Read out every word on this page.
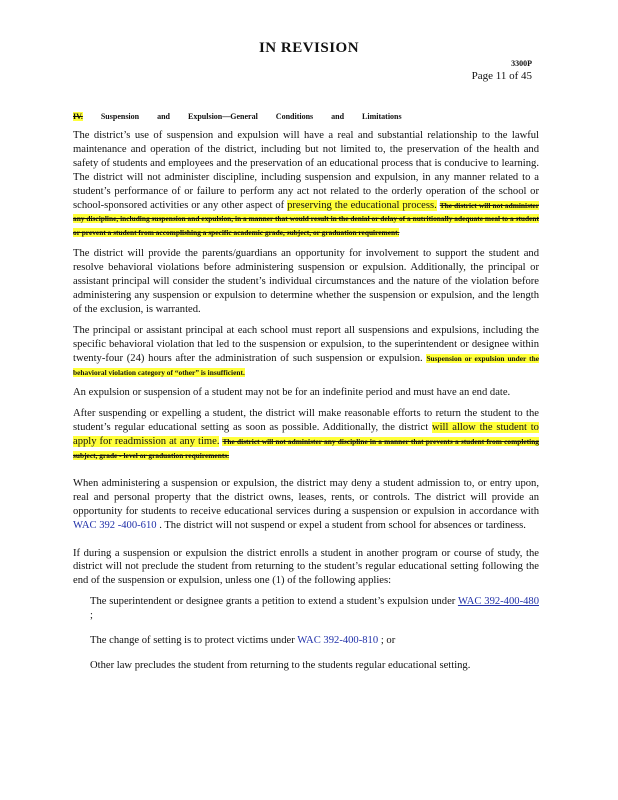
IN REVISION
3300P
Page 11 of 45
IV. Suspension and Expulsion—General Conditions and Limitations

The district’s use of suspension and expulsion will have a real and substantial relationship to the lawful maintenance and operation of the district, including but not limited to, the preservation of the health and safety of students and employees and the preservation of an educational process that is conducive to learning. The district will not administer discipline, including suspension and expulsion, in any manner related to a student’s performance of or failure to perform any act not related to the orderly operation of the school or school-sponsored activities or any other aspect of preserving the educational process. The district will not administer any discipline, including suspension and expulsion, in a manner that would result in the denial or delay of a nutritionally adequate meal to a student or prevent a student from accomplishing a specific academic grade, subject, or graduation requirement.

The district will provide the parents/guardians an opportunity for involvement to support the student and resolve behavioral violations before administering suspension or expulsion. Additionally, the principal or assistant principal will consider the student’s individual circumstances and the nature of the violation before administering any suspension or expulsion to determine whether the suspension or expulsion, and the length of the exclusion, is warranted.

The principal or assistant principal at each school must report all suspensions and expulsions, including the specific behavioral violation that led to the suspension or expulsion, to the superintendent or designee within twenty-four (24) hours after the administration of such suspension or expulsion. Suspension or expulsion under the behavioral violation category of “other” is insufficient.

An expulsion or suspension of a student may not be for an indefinite period and must have an end date.

After suspending or expelling a student, the district will make reasonable efforts to return the student to the student’s regular educational setting as soon as possible. Additionally, the district will allow the student to apply for readmission at any time. The district will not administer any discipline in a manner that prevents a student from completing subject, grade - level or graduation requirements.

When administering a suspension or expulsion, the district may deny a student admission to, or entry upon, real and personal property that the district owns, leases, rents, or controls. The district will provide an opportunity for students to receive educational services during a suspension or expulsion in accordance with WAC 392 -400-610 . The district will not suspend or expel a student from school for absences or tardiness.

If during a suspension or expulsion the district enrolls a student in another program or course of study, the district will not preclude the student from returning to the student’s regular educational setting following the end of the suspension or expulsion, unless one (1) of the following applies:

The superintendent or designee grants a petition to extend a student’s expulsion under WAC 392-400-480 ;
The change of setting is to protect victims under WAC 392-400-810 ; or
Other law precludes the student from returning to the students regular educational setting.
